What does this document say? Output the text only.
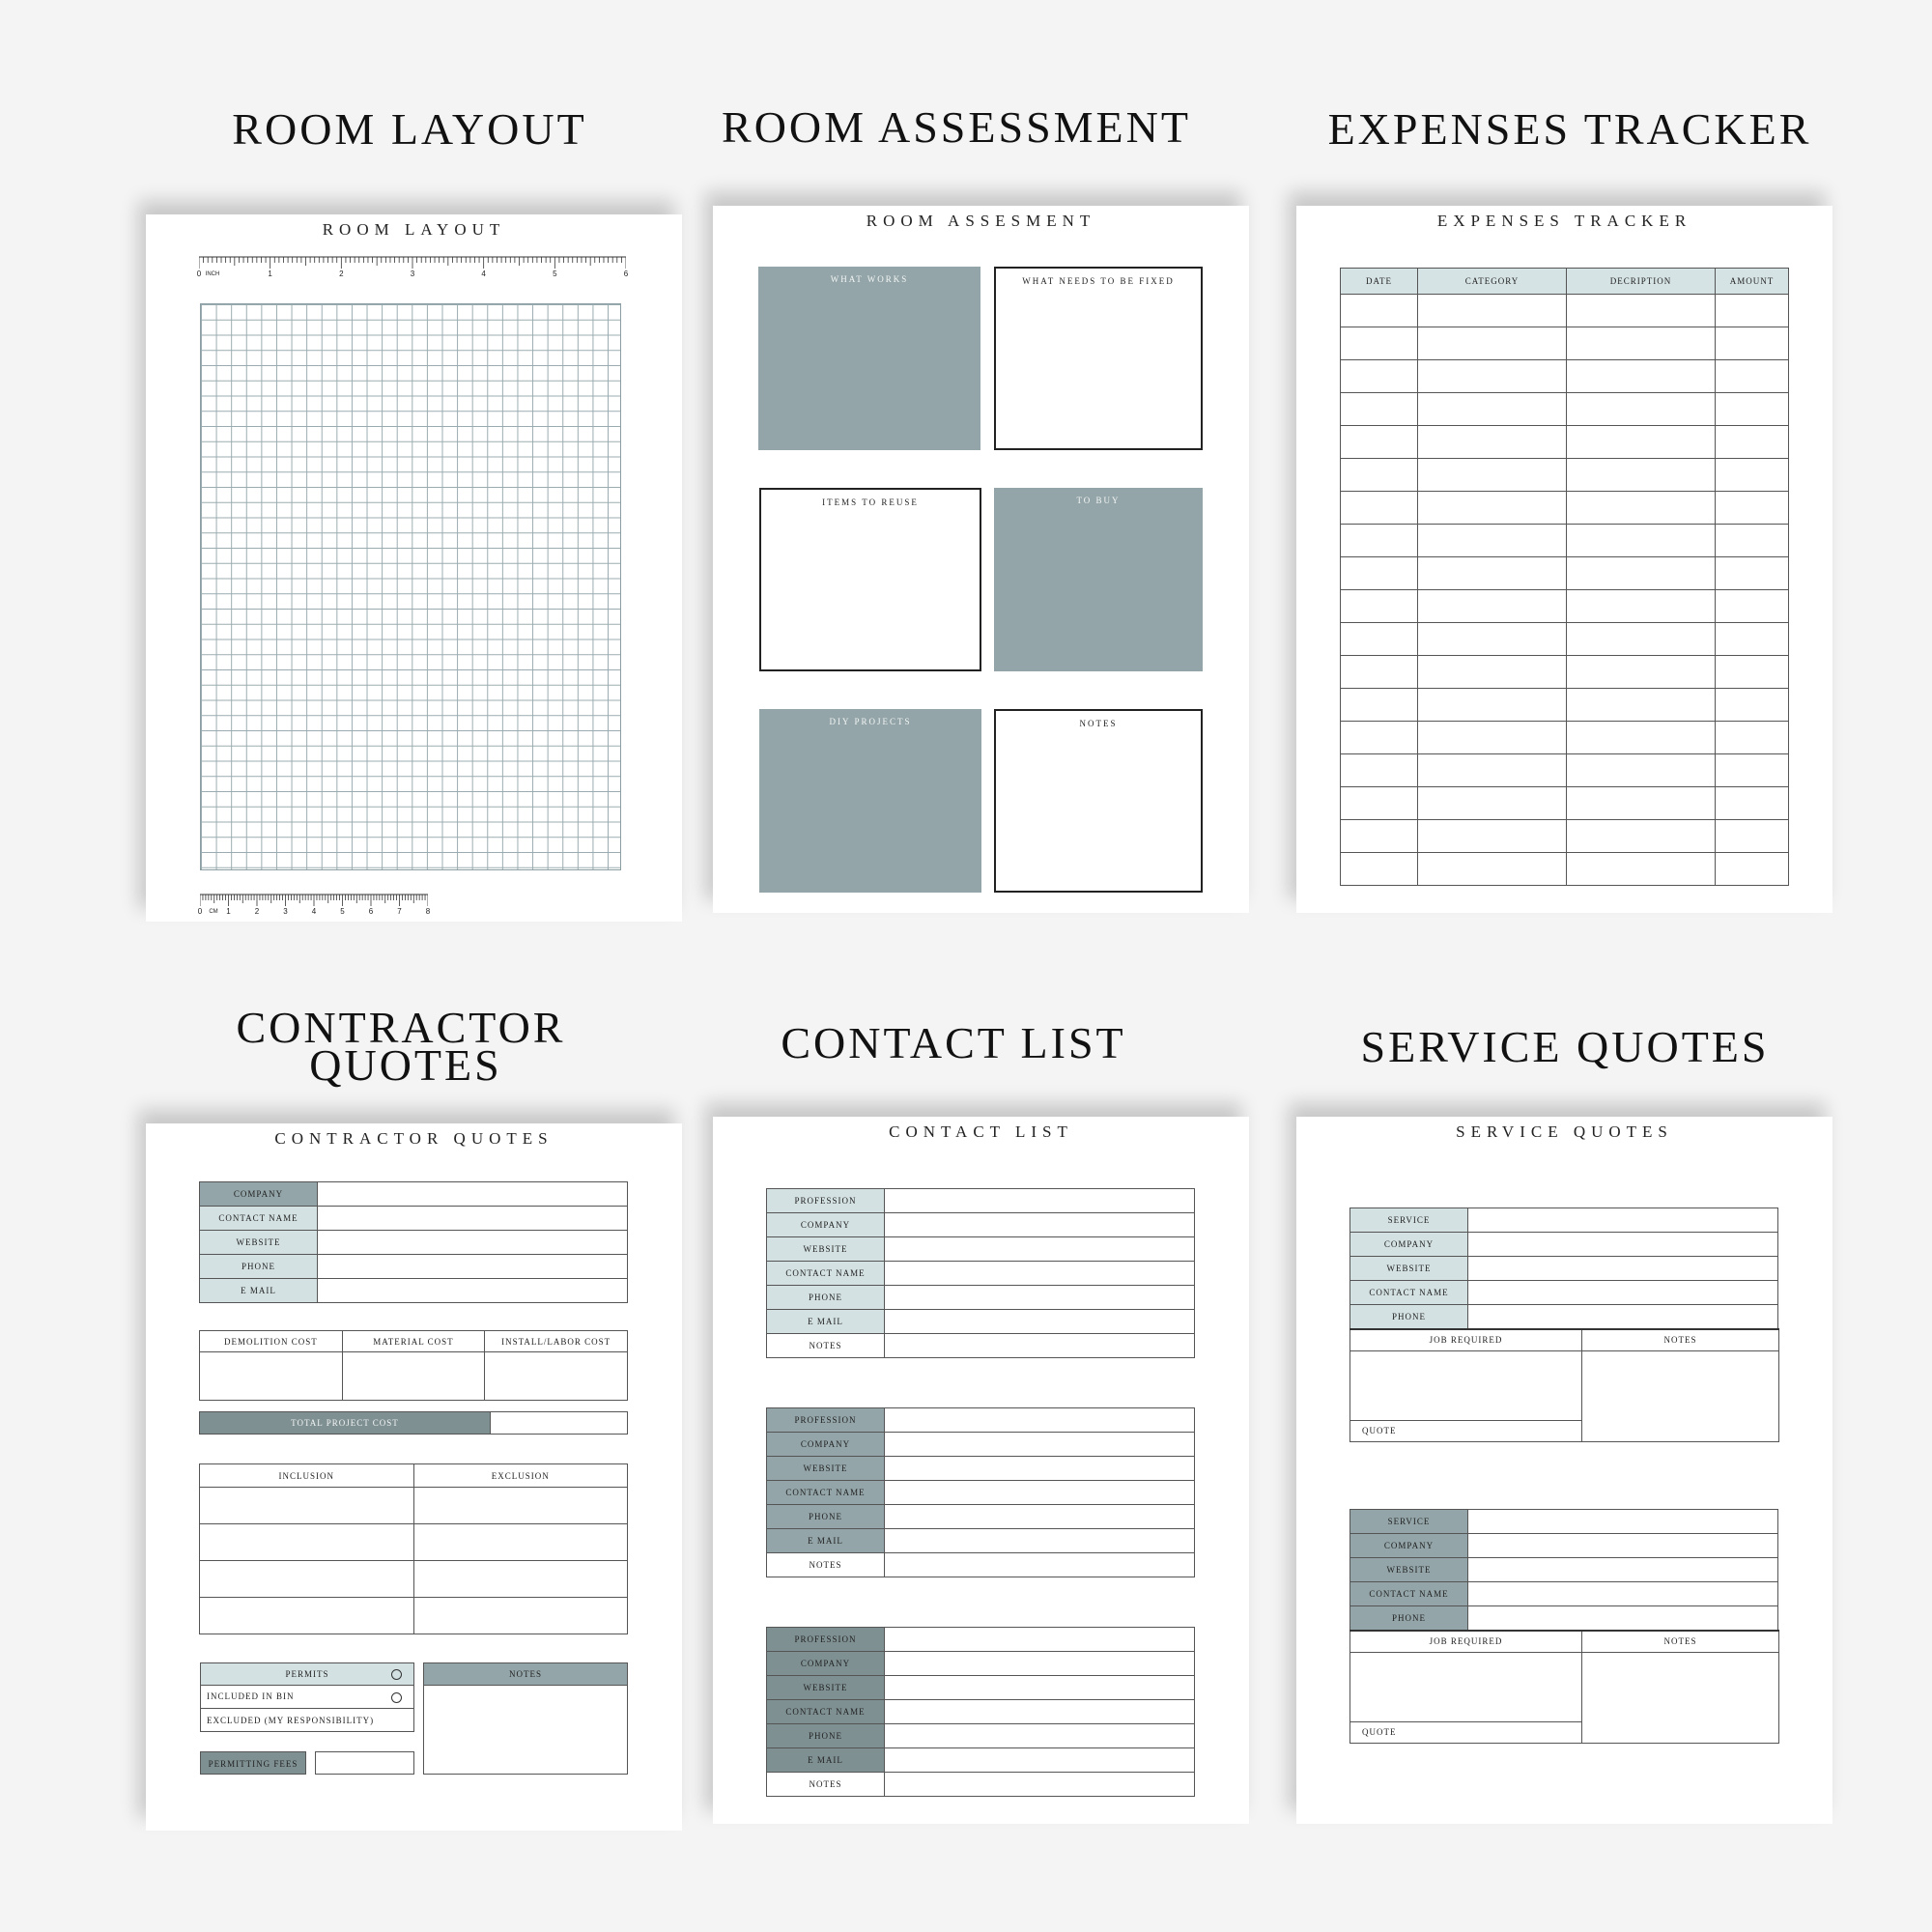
ROOM LAYOUT	ROOM ASSESSMENT	EXPENSES TRACKER
CONTRACTOR
QUOTES	CONTACT LIST	SERVICE QUOTES
ROOM LAYOUT
0	1	2	3	4	5	6
INCH
0	1	2	3	4	5	6	7	8
CM
ROOM ASSESMENT
WHAT WORKS	WHAT NEEDS TO BE FIXED
ITEMS TO REUSE	TO BUY
DIY PROJECTS	NOTES
EXPENSES TRACKER
DATE	CATEGORY	DECRIPTION	AMOUNT

CONTRACTOR QUOTES
COMPANY	
CONTACT NAME	
WEBSITE	
PHONE	
E MAIL	
DEMOLITION COST	MATERIAL COST	INSTALL/LABOR COST

TOTAL PROJECT COST
INCLUSION	EXCLUSION

PERMITS
INCLUDED IN BIN
EXCLUDED (MY RESPONSIBILITY)
NOTES
PERMITTING FEES
CONTACT LIST
PROFESSION	
COMPANY	
WEBSITE	
CONTACT NAME	
PHONE	
E MAIL	
NOTES	
PROFESSION	
COMPANY	
WEBSITE	
CONTACT NAME	
PHONE	
E MAIL	
NOTES	
PROFESSION	
COMPANY	
WEBSITE	
CONTACT NAME	
PHONE	
E MAIL	
NOTES	
SERVICE QUOTES
SERVICE	
COMPANY	
WEBSITE	
CONTACT NAME	
PHONE	
JOB REQUIRED	NOTES

QUOTE	
SERVICE	
COMPANY	
WEBSITE	
CONTACT NAME	
PHONE	
JOB REQUIRED	NOTES

QUOTE	
